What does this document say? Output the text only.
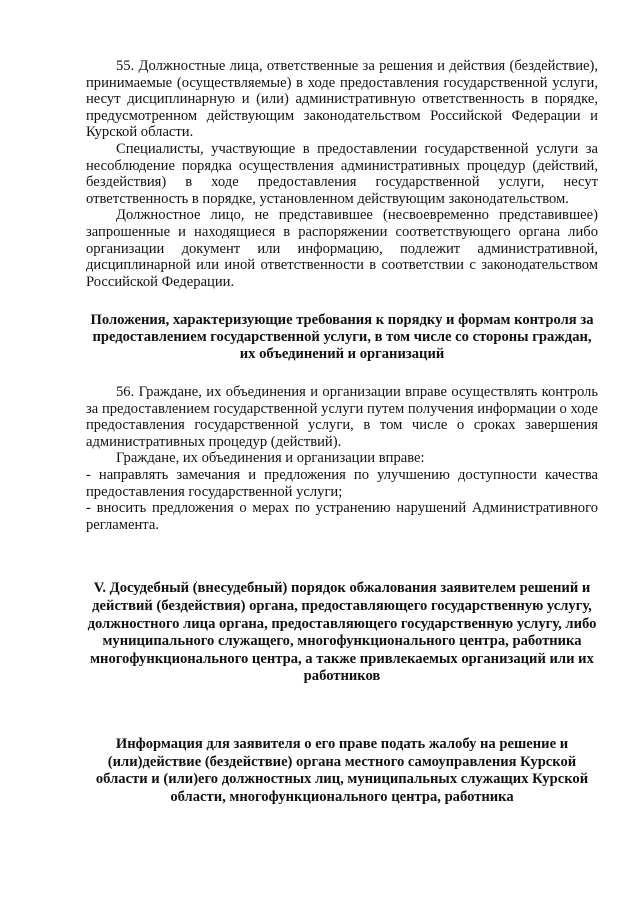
55. Должностные лица, ответственные за решения и действия (бездействие), принимаемые (осуществляемые) в ходе предоставления государственной услуги, несут дисциплинарную и (или) административную ответственность в порядке, предусмотренном действующим законодательством Российской Федерации и Курской области.

Специалисты, участвующие в предоставлении государственной услуги за несоблюдение порядка осуществления административных процедур (действий, бездействия) в ходе предоставления государственной услуги, несут ответственность в порядке, установленном действующим законодательством.

Должностное лицо, не представившее (несвоевременно представившее) запрошенные и находящиеся в распоряжении соответствующего органа либо организации документ или информацию, подлежит административной, дисциплинарной или иной ответственности в соответствии с законодательством Российской Федерации.

Положения, характеризующие требования к порядку и формам контроля за предоставлением государственной услуги, в том числе со стороны граждан, их объединений и организаций

56. Граждане, их объединения и организации вправе осуществлять контроль за предоставлением государственной услуги путем получения информации о ходе предоставления государственной услуги, в том числе о сроках завершения административных процедур (действий).

Граждане, их объединения и организации вправе:

- направлять замечания и предложения по улучшению доступности качества предоставления государственной услуги;

- вносить предложения о мерах по устранению нарушений Административного регламента.

V. Досудебный (внесудебный) порядок обжалования заявителем решений и действий (бездействия) органа, предоставляющего государственную услугу, должностного лица органа, предоставляющего государственную услугу, либо муниципального служащего, многофункционального центра, работника многофункционального центра, а также привлекаемых организаций или их работников

Информация для заявителя о его праве подать жалобу на решение и (или)действие (бездействие) органа местного самоуправления Курской области и (или)его должностных лиц, муниципальных служащих Курской области, многофункционального центра, работника
